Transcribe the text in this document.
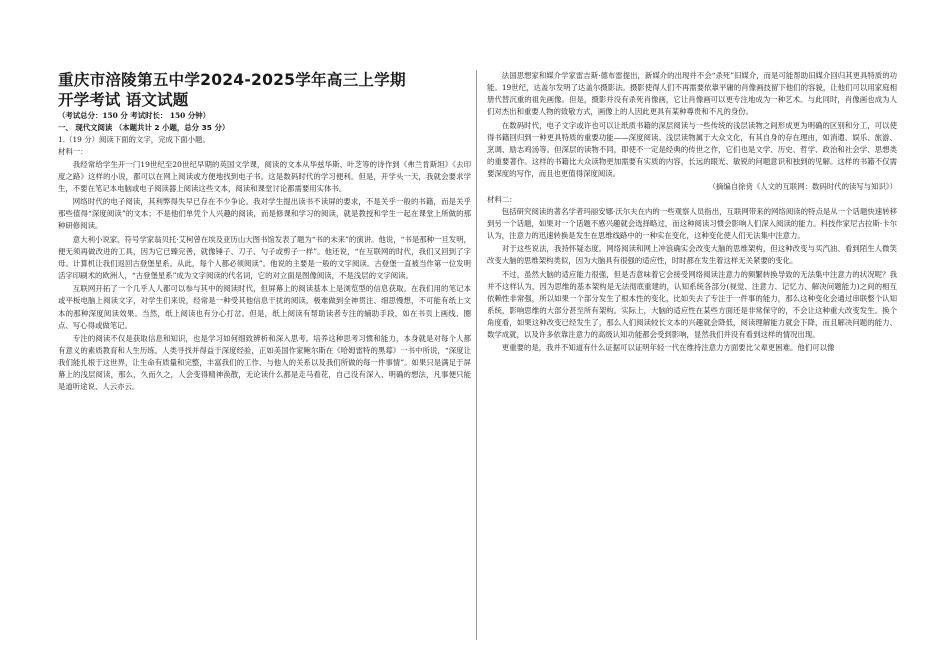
重庆市涪陵第五中学2024-2025学年高三上学期

开学考试 语文试题

（考试总分：150 分 考试时长： 150 分钟）

一、 现代文阅读 （本题共计 2 小题，总分 35 分）

1.（19 分）阅读下面的文字，完成下面小题。

材料一：

我经常给学生开一门19世纪至20世纪早期的英国文学课，阅读的文本从华兹华斯、叶芝等的诗作到《弗兰肯斯坦》《去印度之路》这样的小说，都可以在网上阅读或方便地找到电子书。这是数码时代的学习便利。但是，开学头一天，我就会要求学生，不要在笔记本电脑或电子阅读器上阅读这些文本，阅读和课堂讨论都需要用实体书。

网络时代的电子阅读，其利弊得失早已存在不少争论。我对学生提出读书不读屏的要求，不是关乎一般的书籍，而是关乎那些值得“深度阅读”的文本；不是他们单凭个人兴趣的阅读，而是修课和学习的阅读，就是教授和学生一起在课堂上所做的那种研修阅读。

意大利小说家、符号学家翁贝托·艾柯曾在埃及亚历山大图书馆发表了题为“书的未来”的演讲。他说，“书是那种一旦发明，便无须再做改进的工具，因为它已臻完善，就像锤子、刀子、勺子或剪子一样”。他还说，“在互联网的时代，我们又回到了字母。计算机让我们返回古登堡星系。从此，每个人都必须阅读”。他说的主要是一般的文字阅读。古登堡一直被当作第一位发明活字印刷术的欧洲人，“古登堡星系”成为文字阅读的代名词，它的对立面是图像阅读，不是浅层的文字阅读。

互联网开拓了一个几乎人人都可以参与其中的阅读时代，但屏幕上的阅读基本上是浏览型的信息获取。在我们用的笔记本或平板电脑上阅读文字，对学生们来说，经常是一种受其他信息干扰的阅读，极难做到全神贯注、细思慢想，不可能有纸上文本的那种深度阅读效果。当然，纸上阅读也有分心打岔。但是，纸上阅读有帮助读者专注的辅助手段，如在书页上画线、圈点、写心得或做笔记。

专注的阅读不仅是获取信息和知识，也是学习如何细致辨析和深入思考。培养这种思考习惯和能力，本身就是对每个人都有意义的素质教育和人生历练。人类寻找并得益于深度经验，正如美国作家鲍尔斯在《哈姆雷特的黑莓》一书中所说，“深度让我们能扎根于这世界，让生命有质量和完整，丰富我们的工作、与他人的关系以及我们所做的每一件事情”。如果只是满足于屏幕上的浅层阅读，那么，久而久之，人会变得精神涣散，无论读什么都是走马看花，自己没有深入、明确的想法，凡事便只能是道听途说、人云亦云。

法国思想家和媒介学家雷吉斯·德布雷提出，新媒介的出现并不会“杀死”旧媒介，而是可能帮助旧媒介回归其更具特质的功能。19世纪，达盖尔发明了达盖尔摄影法。摄影使得人们不再需要依靠平庸的肖像画技留下他们的容貌，让他们可以用家庭相册代替沉重的祖先画像。但是，摄影并没有杀死肖像画，它让肖像画可以更专注地成为一种艺术。与此同时，肖像画也成为人们对杰出和重要人物的致敬方式，画像上的人因此更具有某种尊贵和不凡的身份。

在数码时代，电子文字或许也可以让纸质书籍的深层阅读与一些传统的浅层读物之间形成更为明确的区别和分工，可以使得书籍回归到一种更具特质的重要功能——深度阅读。浅层读物属于大众文化，有其自身的存在理由，如消遣、娱乐、旅游、烹调、励志鸡汤等。但深层的读物不同，即使不一定是经典的传世之作，它们也是文学、历史、哲学、政治和社会学、思想类的重要著作。这样的书籍比大众读物更加需要有实质的内容，长远的眼光、敏锐的问题意识和独到的见解。这样的书籍不仅需要深度的写作，而且也更值得深度阅读。

（摘编自徐贲《人文的互联网：数码时代的读写与知识》）

材料二：

包括研究阅读的著名学者玛丽安娜·沃尔夫在内的一些观察人员指出，互联网带来的网络阅读的特点是从一个话题快速转移到另一个话题，如果对一个话题不感兴趣就会选择略过，而这种阅读习惯会影响人们深入阅读的能力。科技作家尼古拉斯·卡尔认为，注意力的迅速转换是发生在思维线路中的一种实在变化，这种变化使人们无法集中注意力。

对于这些说法，我持怀疑态度。网络阅读和网上冲浪确实会改变大脑的思维架构，但这种改变与买汽油、看到陌生人微笑改变大脑的思维架构类似，因为大脑具有很强的适应性，时时都在发生着这样无关紧要的变化。

不过，虽然大脑的适应能力很强，但是否意味着它会接受网络阅读注意力的频繁转换导致的无法集中注意力的状况呢？我并不这样认为，因为思维的基本架构是无法彻底重建的，认知系统各部分(视觉、注意力、记忆力、解决问题能力)之间的相互依赖性非常强，所以如果一个部分发生了根本性的变化，比如失去了专注于一件事的能力，那么这种变化会通过串联整个认知系统，影响思维的大部分甚至所有架构。实际上，大脑的适应性在某些方面还是非常保守的，不会让这种重大改变发生。换个角度看，如果这种改变已经发生了，那么人们阅读较长文本的兴趣就会降低，阅读理解能力就会下降，而且解决问题的能力、数学成就，以及许多依靠注意力的高级认知功能都会受到影响，显然我们并没有看到这样的情况出现。

更重要的是，我并不知道有什么证据可以证明年轻一代在维持注意力方面要比父辈更困难。他们可以像
